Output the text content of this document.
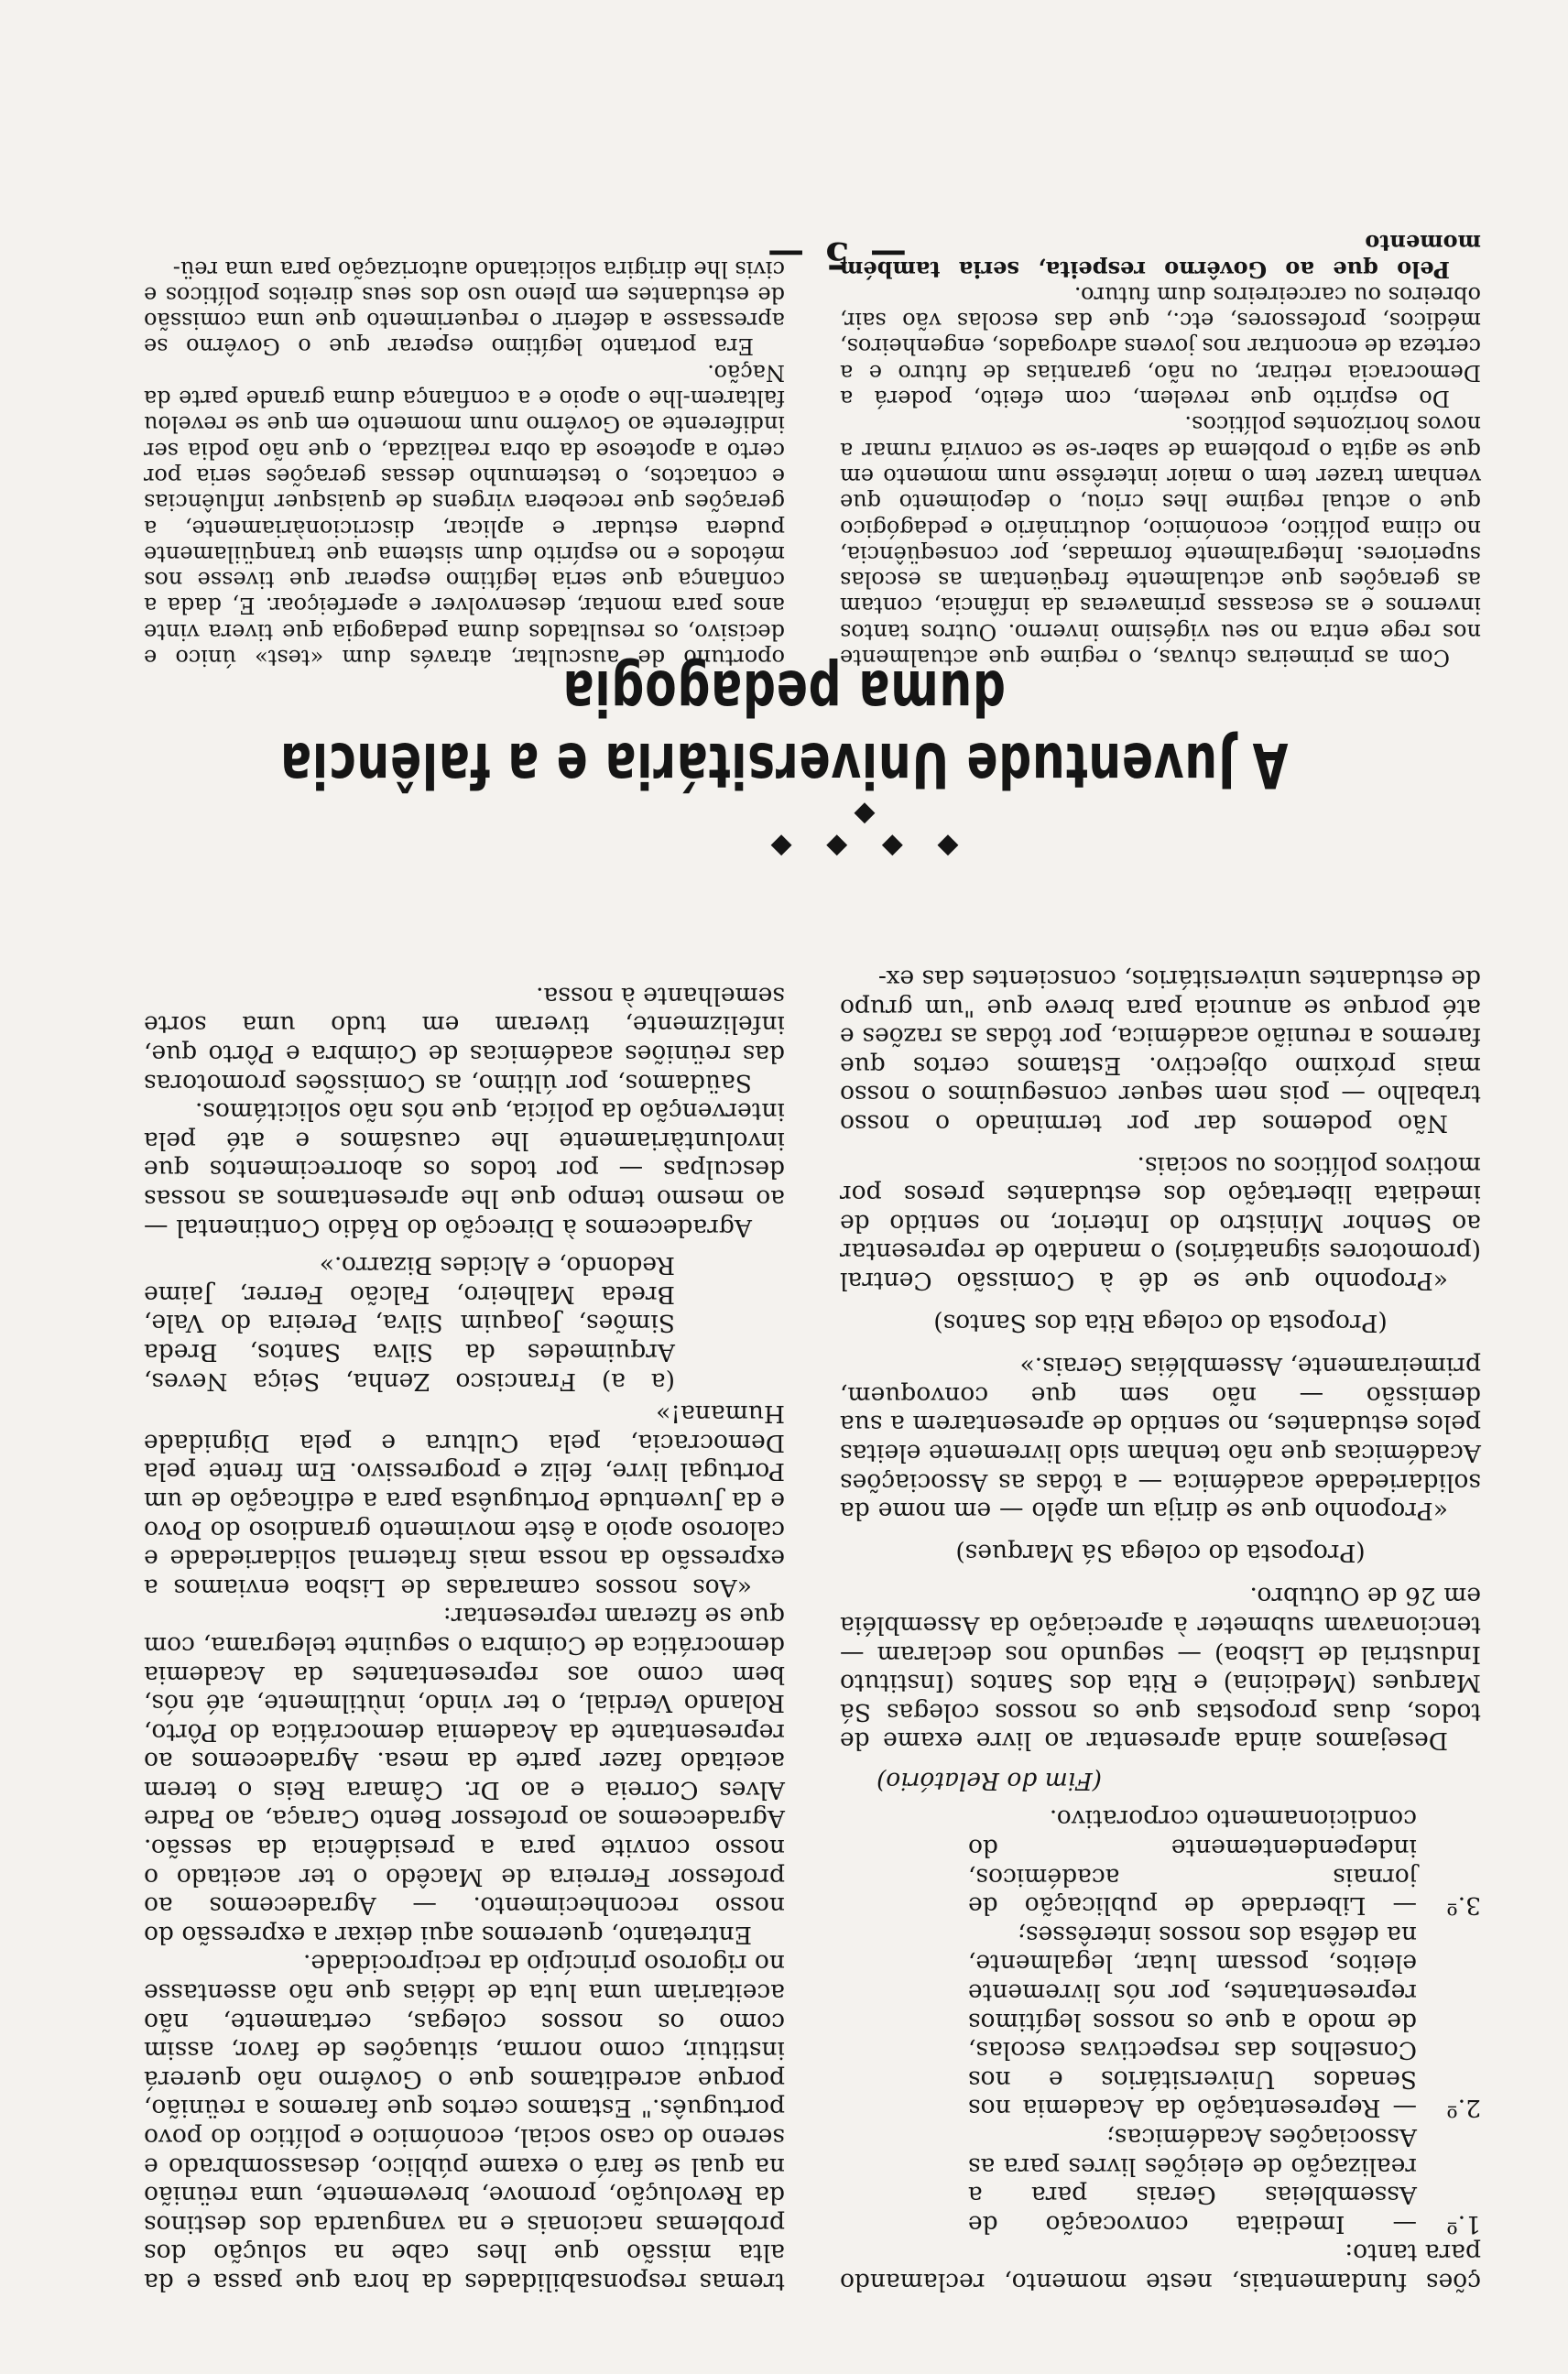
ções fundamentais, neste momento, reclamando para tanto:

1.º
— Imediata convocação de Assembleias Gerais para a realização de eleições livres para as Associações Académicas;
2.º
— Representação da Academia nos Senados Universitários e nos Conselhos das respectivas escolas, de modo a que os nossos legítimos representantes, por nós livremente eleitos, possam lutar, legalmente, na defêsa dos nossos interêsses;
3.º
— Liberdade de publicação de jornais académicos, independentemente do condicionamento corporativo.

(Fim do Relatório)

Desejamos ainda apresentar ao livre exame de todos, duas propostas que os nossos colegas Sá Marques (Medicina) e Rita dos Santos (Instituto Industrial de Lisboa) — segundo nos declaram — tencionavam submeter à apreciação da Assembléia em 26 de Outubro.

(Proposta do colega Sá Marques)

«Proponho que se dirija um apêlo — em nome da solidariedade académica — a tôdas as Associações Académicas que não tenham sido livremente eleitas pelos estudantes, no sentido de apresentarem a sua demissão — não sem que convoquem, primeiramente, Assembléias Gerais.»

(Proposta do colega Rita dos Santos)

«Proponho que se dê à Comissão Central (promotores signatários) o mandato de representar ao Senhor Ministro do Interior, no sentido de imediata libertação dos estudantes presos por motivos políticos ou sociais.

Não podemos dar por terminado o nosso trabalho — pois nem sequer conseguimos o nosso mais próximo objectivo. Estamos certos que faremos a reunião académica, por tôdas as razões e até porque se anuncia para breve que "um grupo de estudantes universitários, conscientes das ex-

tremas responsabilidades da hora que passa e da alta missão que lhes cabe na solução dos problemas nacionais e na vanguarda dos destinos da Revolução, promove, brevemente, uma reünião na qual se fará o exame público, desassombrado e sereno do caso social, económico e político do povo português." Estamos certos que faremos a reünião, porque acreditamos que o Govêrno não quererá instituir, como norma, situações de favor, assim como os nossos colegas, certamente, não aceitariam uma luta de idéias que não assentasse no rigoroso princípio da reciprocidade.

Entretanto, queremos aqui deixar a expressão do nosso reconhecimento. — Agradecemos ao professor Ferreira de Macêdo o ter aceitado o nosso convite para a presidência da sessão. Agradecemos ao professor Bento Caraça, ao Padre Alves Correia e ao Dr. Câmara Reis o terem aceitado fazer parte da mesa. Agradecemos ao representante da Academia democrática do Pôrto, Rolando Verdial, o ter vindo, inùtilmente, até nós, bem como aos representantes da Academia democrática de Coimbra o seguinte telegrama, com que se fizeram representar:

«Aos nossos camaradas de Lisboa enviamos a expressão da nossa mais fraternal solidariedade e caloroso apoio a êste movimento grandioso do Povo e da Juventude Portuguêsa para a edificação de um Portugal livre, feliz e progressivo. Em frente pela Democracia, pela Cultura e pela Dignidade Humana!»

(a a) Francisco Zenha, Seiça Neves, Arquimedes da Silva Santos, Breda Simões, Joaquim Silva, Pereira do Vale, Breda Malheiro, Falcão Ferrer, Jaime Redondo, e Alcides Bizarro.»

Agradecemos à Direcção do Rádio Continental — ao mesmo tempo que lhe apresentamos as nossas desculpas — por todos os aborrecimentos que involuntàriamente lhe causámos e até pela intervenção da polícia, que nós não solicitámos.

Saüdamos, por último, as Comissões promotoras das reüniões académicas de Coimbra e Pôrto que, infelizmente, tiveram em tudo uma sorte semelhante à nossa.

◆ ◆ ◆ ◆ ◆
A Juventude Universitária e a falência duma pedagogia

Com as primeiras chuvas, o regime que actualmente nos rege entra no seu vigésimo inverno. Outros tantos invernos e as escassas primaveras da infância, contam as gerações que actualmente freqüentam as escolas superiores. Integralmente formadas, por conseqüência, no clima político, económico, doutrinário e pedagógico que o actual regime lhes criou, o depoimento que venham trazer tem o maior interêsse num momento em que se agita o problema de saber-se se convirá rumar a novos horizontes políticos.

Do espírito que revelem, com efeito, poderá a Democracia retirar, ou não, garantias de futuro e a certeza de encontrar nos jovens advogados, engenheiros, médicos, professores, etc., que das escolas vão sair, obreiros ou carceireiros dum futuro.

Pelo que ao Govêrno respeita, seria também momento

oportuno de auscultar, através dum «test» único e decisivo, os resultados duma pedagogia que tivera vinte anos para montar, desenvolver e aperfeiçoar. E, dada a confiança que seria legítimo esperar que tivesse nos métodos e no espírito dum sistema que tranqüilamente pudera estudar e aplicar, discricionàriamente, a gerações que recebera virgens de quaisquer influências e contactos, o testemunho dessas gerações seria por certo a apoteose da obra realizada, o que não podia ser indiferente ao Govêrno num momento em que se revelou faltarem-lhe o apoio e a confiança duma grande parte da Nação.

Era portanto legítimo esperar que o Govêrno se apressasse a deferir o requerimento que uma comissão de estudantes em pleno uso dos seus direitos políticos e civis lhe dirigira solicitando autorização para uma reü-

— 5 —
